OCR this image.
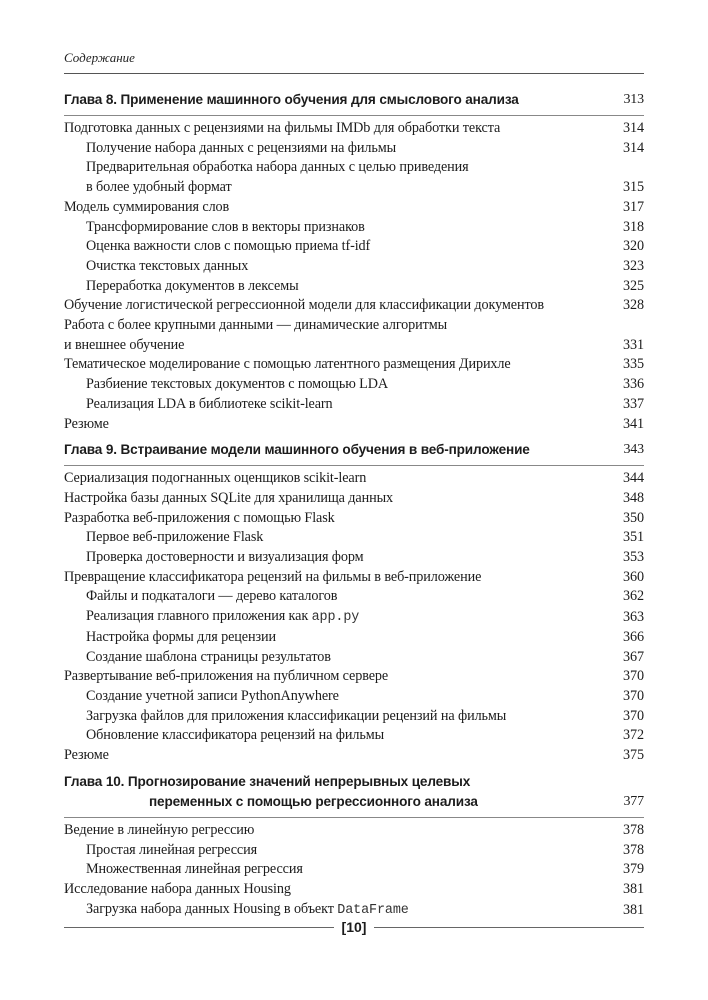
Содержание
Глава 8. Применение машинного обучения для смыслового анализа	313
Подготовка данных с рецензиями на фильмы IMDb для обработки текста	314
Получение набора данных с рецензиями на фильмы	314
Предварительная обработка набора данных с целью приведения
в более удобный формат	315
Модель суммирования слов	317
Трансформирование слов в векторы признаков	318
Оценка важности слов с помощью приема tf-idf	320
Очистка текстовых данных	323
Переработка документов в лексемы	325
Обучение логистической регрессионной модели для классификации документов	328
Работа с более крупными данными — динамические алгоритмы
и внешнее обучение	331
Тематическое моделирование с помощью латентного размещения Дирихле	335
Разбиение текстовых документов с помощью LDA	336
Реализация LDA в библиотеке scikit-learn	337
Резюме	341
Глава 9. Встраивание модели машинного обучения в веб-приложение	343
Сериализация подогнанных оценщиков scikit-learn	344
Настройка базы данных SQLite для хранилища данных	348
Разработка веб-приложения с помощью Flask	350
Первое веб-приложение Flask	351
Проверка достоверности и визуализация форм	353
Превращение классификатора рецензий на фильмы в веб-приложение	360
Файлы и подкаталоги — дерево каталогов	362
Реализация главного приложения как app.py	363
Настройка формы для рецензии	366
Создание шаблона страницы результатов	367
Развертывание веб-приложения на публичном сервере	370
Создание учетной записи PythonAnywhere	370
Загрузка файлов для приложения классификации рецензий на фильмы	370
Обновление классификатора рецензий на фильмы	372
Резюме	375
Глава 10. Прогнозирование значений непрерывных целевых
переменных с помощью регрессионного анализа	377
Ведение в линейную регрессию	378
Простая линейная регрессия	378
Множественная линейная регрессия	379
Исследование набора данных Housing	381
Загрузка набора данных Housing в объект DataFrame	381
[10]
